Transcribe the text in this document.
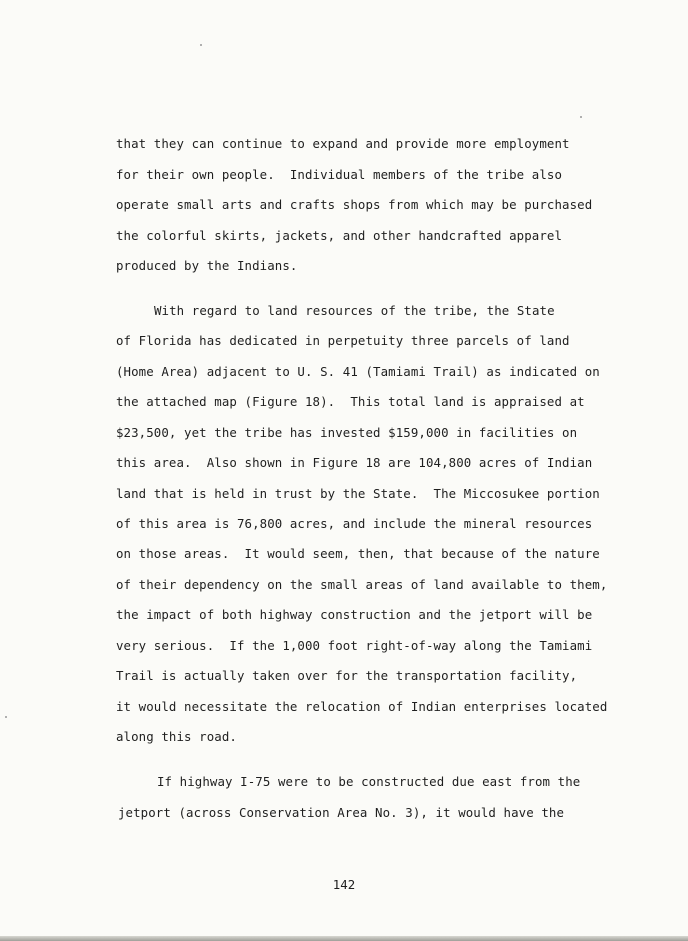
that they can continue to expand and provide more employment
for their own people.  Individual members of the tribe also
operate small arts and crafts shops from which may be purchased
the colorful skirts, jackets, and other handcrafted apparel
produced by the Indians.
With regard to land resources of the tribe, the State
of Florida has dedicated in perpetuity three parcels of land
(Home Area) adjacent to U. S. 41 (Tamiami Trail) as indicated on
the attached map (Figure 18).  This total land is appraised at
$23,500, yet the tribe has invested $159,000 in facilities on
this area.  Also shown in Figure 18 are 104,800 acres of Indian
land that is held in trust by the State.  The Miccosukee portion
of this area is 76,800 acres, and include the mineral resources
on those areas.  It would seem, then, that because of the nature
of their dependency on the small areas of land available to them,
the impact of both highway construction and the jetport will be
very serious.  If the 1,000 foot right-of-way along the Tamiami
Trail is actually taken over for the transportation facility,
it would necessitate the relocation of Indian enterprises located
along this road.
If highway I-75 were to be constructed due east from the
jetport (across Conservation Area No. 3), it would have the
142
